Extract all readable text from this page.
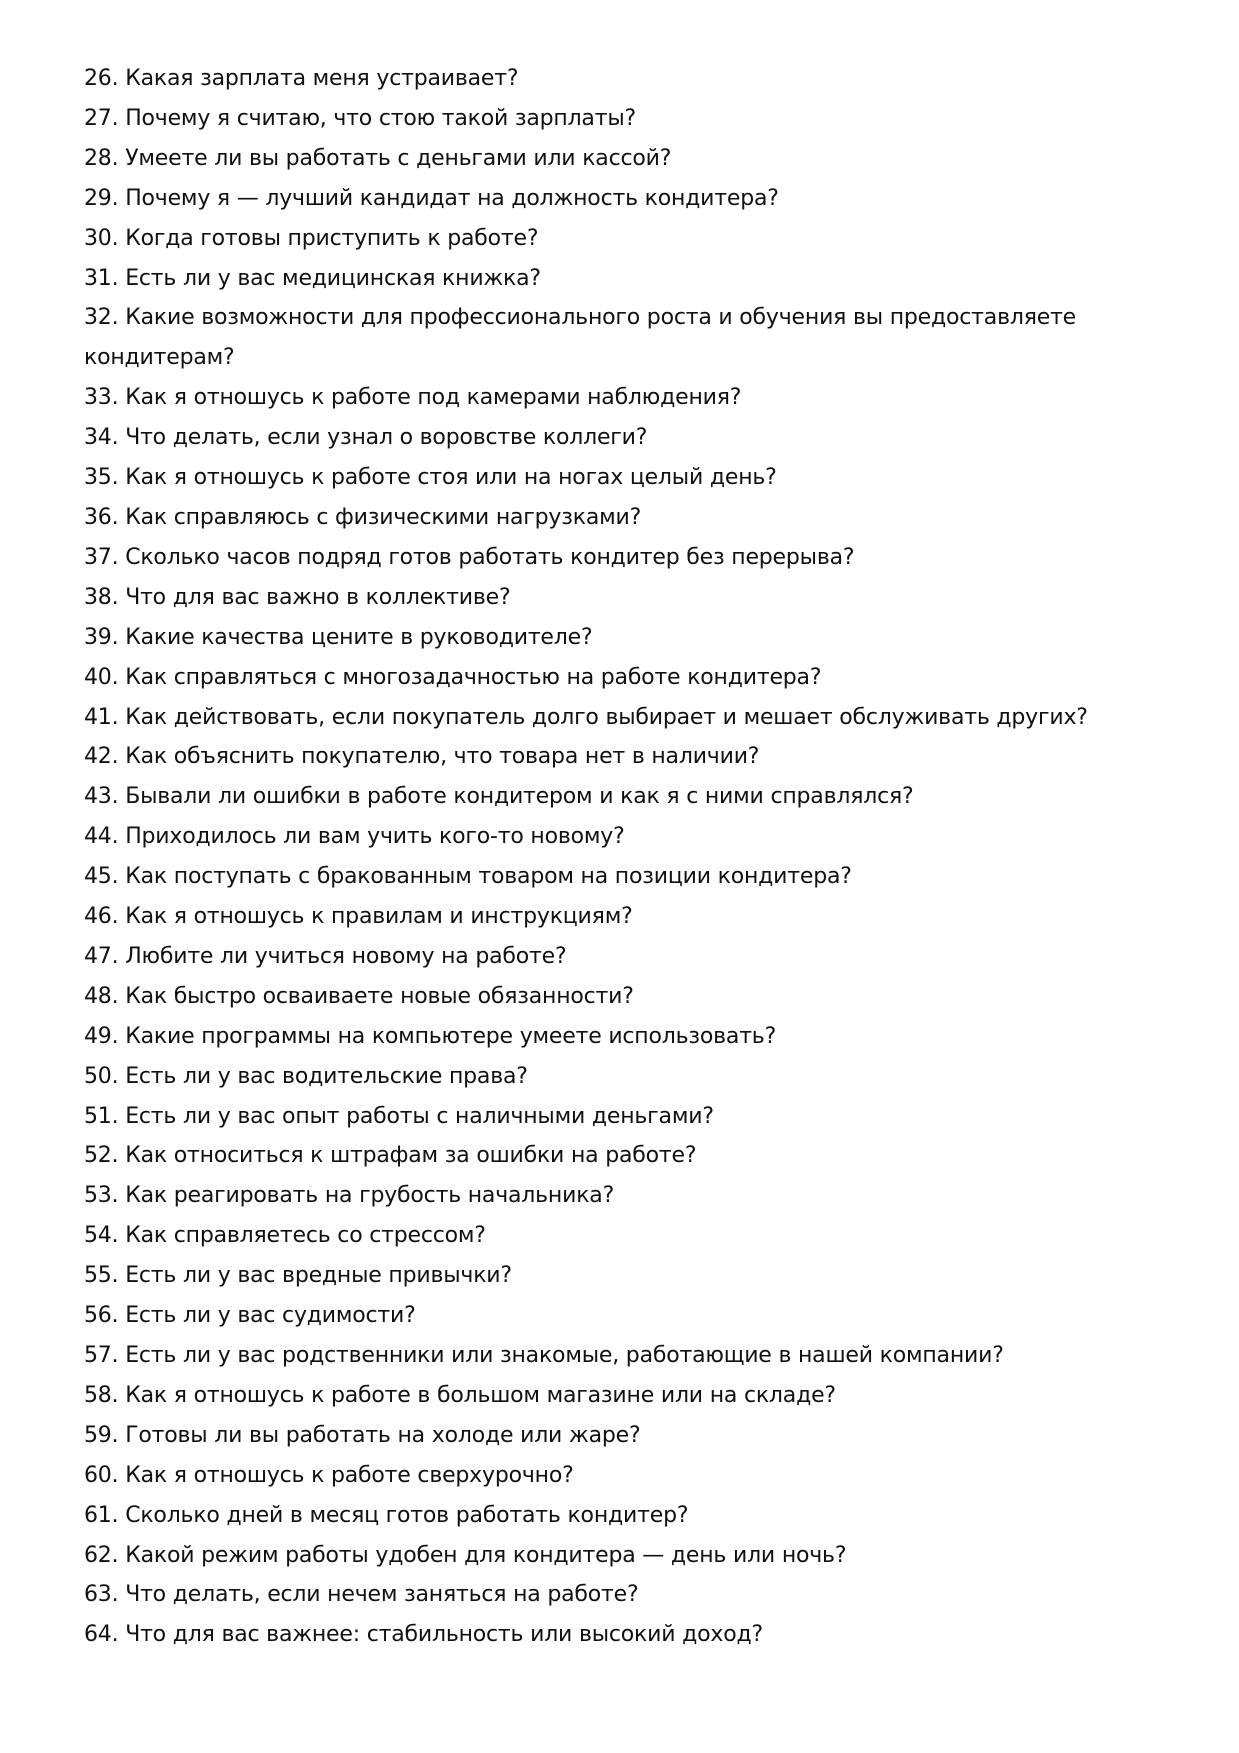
26. Какая зарплата меня устраивает?
27. Почему я считаю, что стою такой зарплаты?
28. Умеете ли вы работать с деньгами или кассой?
29. Почему я — лучший кандидат на должность кондитера?
30. Когда готовы приступить к работе?
31. Есть ли у вас медицинская книжка?
32. Какие возможности для профессионального роста и обучения вы предоставляете кондитерам?
33. Как я отношусь к работе под камерами наблюдения?
34. Что делать, если узнал о воровстве коллеги?
35. Как я отношусь к работе стоя или на ногах целый день?
36. Как справляюсь с физическими нагрузками?
37. Сколько часов подряд готов работать кондитер без перерыва?
38. Что для вас важно в коллективе?
39. Какие качества цените в руководителе?
40. Как справляться с многозадачностью на работе кондитера?
41. Как действовать, если покупатель долго выбирает и мешает обслуживать других?
42. Как объяснить покупателю, что товара нет в наличии?
43. Бывали ли ошибки в работе кондитером и как я с ними справлялся?
44. Приходилось ли вам учить кого-то новому?
45. Как поступать с бракованным товаром на позиции кондитера?
46. Как я отношусь к правилам и инструкциям?
47. Любите ли учиться новому на работе?
48. Как быстро осваиваете новые обязанности?
49. Какие программы на компьютере умеете использовать?
50. Есть ли у вас водительские права?
51. Есть ли у вас опыт работы с наличными деньгами?
52. Как относиться к штрафам за ошибки на работе?
53. Как реагировать на грубость начальника?
54. Как справляетесь со стрессом?
55. Есть ли у вас вредные привычки?
56. Есть ли у вас судимости?
57. Есть ли у вас родственники или знакомые, работающие в нашей компании?
58. Как я отношусь к работе в большом магазине или на складе?
59. Готовы ли вы работать на холоде или жаре?
60. Как я отношусь к работе сверхурочно?
61. Сколько дней в месяц готов работать кондитер?
62. Какой режим работы удобен для кондитера — день или ночь?
63. Что делать, если нечем заняться на работе?
64. Что для вас важнее: стабильность или высокий доход?
